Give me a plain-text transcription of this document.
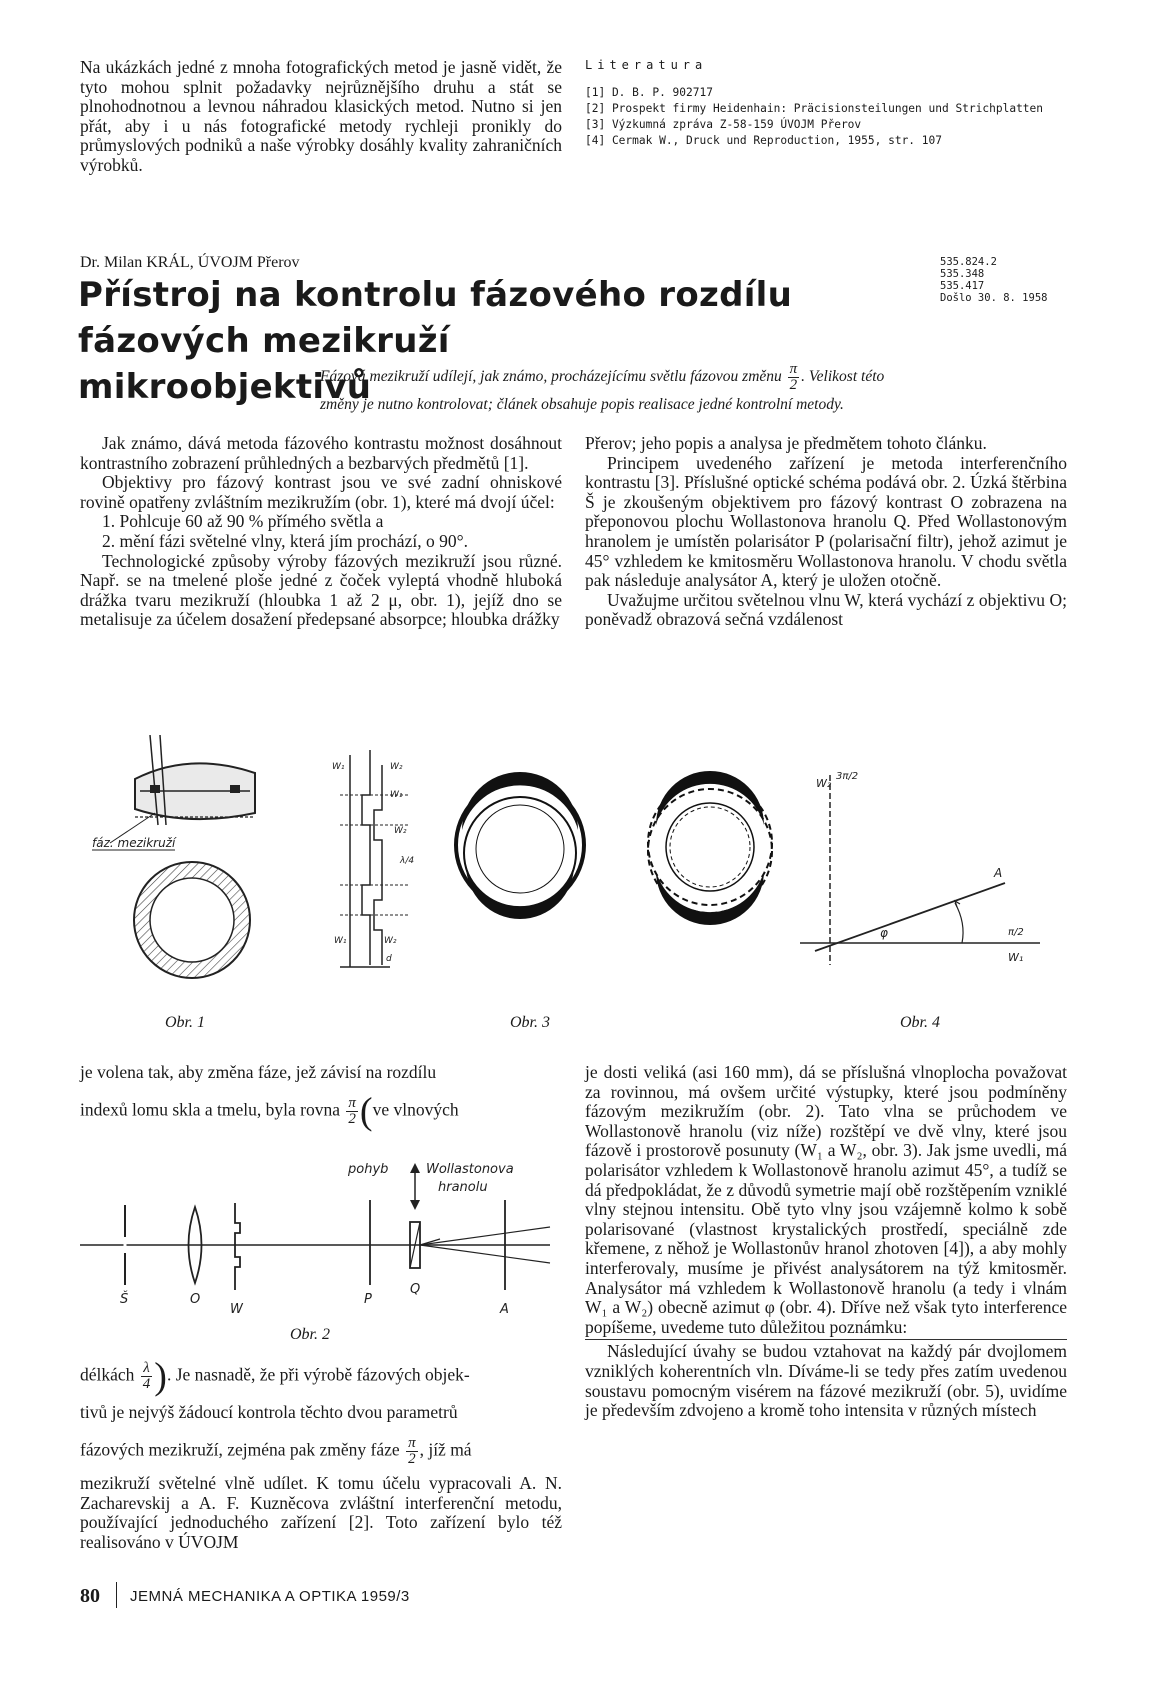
Na ukázkách jedné z mnoha fotografických metod je jasně vidět, že tyto mohou splnit požadavky nejrůznějšího druhu a stát se plnohodnotnou a levnou náhradou klasických metod. Nutno si jen přát, aby i u nás fotografické metody rychleji pronikly do průmyslových podniků a naše výrobky dosáhly kvality zahraničních výrobků.

Literatura
[1] D. B. P. 902717
[2] Prospekt firmy Heidenhain: Präcisionsteilungen und Strichplatten
[3] Výzkumná zpráva Z-58-159 ÚVOJM Přerov
[4] Cermak W., Druck und Reproduction, 1955, str. 107
Dr. Milan KRÁL, ÚVOJM Přerov
Přístroj na kontrolu fázového rozdílu fázových mezikruží
mikroobjektivů
535.824.2
535.348
535.417
Došlo 30. 8. 1958
Fázová mezikruží udílejí, jak známo, procházejícímu světlu fázovou změnu $\frac{\pi}{2}$ . Velikost této
změny je nutno kontrolovat; článek obsahuje popis realisace jedné kontrolní metody.

Jak známo, dává metoda fázového kontrastu možnost dosáhnout kontrastního zobrazení průhledných a bezbarvých předmětů [1].

Objektivy pro fázový kontrast jsou ve své zadní ohniskové rovině opatřeny zvláštním mezikružím (obr. 1), které má dvojí účel:

1. Pohlcuje 60 až 90 % přímého světla a

2. mění fázi světelné vlny, která jím prochází, o 90°.

Technologické způsoby výroby fázových mezikruží jsou různé. Např. se na tmelené ploše jedné z čoček vyleptá vhodně hluboká drážka tvaru mezikruží (hloubka 1 až 2 μ, obr. 1), jejíž dno se metalisuje za účelem dosažení předepsané absorpce; hloubka drážky

Přerov; jeho popis a analysa je předmětem tohoto článku.

Principem uvedeného zařízení je metoda interferenčního kontrastu [3]. Příslušné optické schéma podává obr. 2. Úzká štěrbina Š je zkoušeným objektivem pro fázový kontrast O zobrazena na přeponovou plochu Wollastonova hranolu Q. Před Wollastonovým hranolem je umístěn polarisátor P (polarisační filtr), jehož azimut je 45° vzhledem ke kmitosměru Wollastonova hranolu. V chodu světla pak následuje analysátor A, který je uložen otočně.

Uvažujme určitou světelnou vlnu W, která vychází z objektivu O; poněvadž obrazová sečná vzdálenost

fáz. mezikruží
W₁	W₂
W₂
λ/4
W₁	W₂
d
W₁
W₂
3π/2
A
φ	π/2
W₁
Obr. 1	Obr. 3	Obr. 4
je volena tak, aby změna fáze, jež závisí na rozdílu
indexů lomu skla a tmelu, byla rovna $\frac{\pi}{2} (ve$ vlnových
pohyb	Wollastonova
hranolu
Š	O
W
P
Q
A
Obr. 2
délkách $\frac{\lambda}{4}$ ). Je nasnadě, že při výrobě fázových objek-
tivů je nejvýš žádoucí kontrola těchto dvou parametrů
fázových mezikruží, zejména pak změny fáze $\frac{\pi}{2}$ , jíž má

mezikruží světelné vlně udílet. K tomu účelu vypracovali A. N. Zacharevskij a A. F. Kuzněcova zvláštní interferenční metodu, používající jednoduchého zařízení [2]. Toto zařízení bylo též realisováno v ÚVOJM

je dosti veliká (asi 160 mm), dá se příslušná vlnoplocha považovat za rovinnou, má ovšem určité výstupky, které jsou podmíněny fázovým mezikružím (obr. 2). Tato vlna se průchodem ve Wollastonově hranolu (viz níže) rozštěpí ve dvě vlny, které jsou fázově i prostorově posunuty (W₁ a W₂, obr. 3). Jak jsme uvedli, má polarisátor vzhledem k Wollastonově hranolu azimut 45°, a tudíž se dá předpokládat, že z důvodů symetrie mají obě rozštěpením vzniklé vlny stejnou intensitu. Obě tyto vlny jsou vzájemně kolmo k sobě polarisované (vlastnost krystalických prostředí, speciálně zde křemene, z něhož je Wollastonův hranol zhotoven [4]), a aby mohly interferovaly, musíme je přivést analysátorem na týž kmitosměr. Analysátor má vzhledem k Wollastonově hranolu (a tedy i vlnám W₁ a W₂) obecně azimut φ (obr. 4). Dříve než však tyto interference popíšeme, uvedeme tuto důležitou poznámku:

Následující úvahy se budou vztahovat na každý pár dvojlomem vzniklých koherentních vln. Díváme-li se tedy přes zatím uvedenou soustavu pomocným visérem na fázové mezikruží (obr. 5), uvidíme je především zdvojeno a kromě toho intensita v různých místech

80 JEMNÁ MECHANIKA A OPTIKA 1959/3
